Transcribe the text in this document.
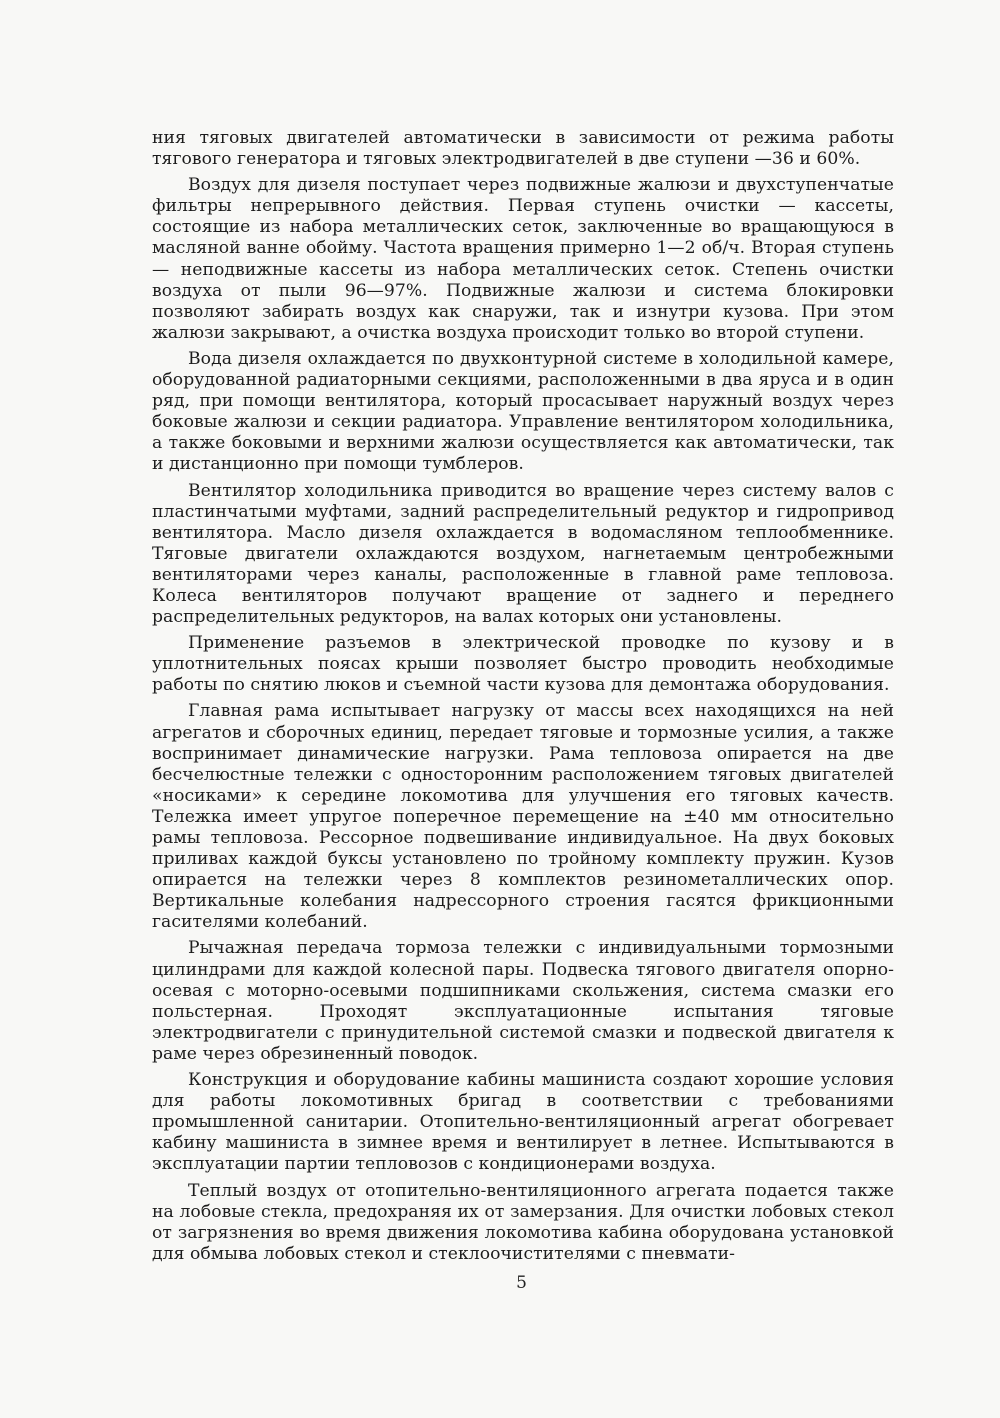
ния тяговых двигателей автоматически в зависимости от режима работы тягового генератора и тяговых электродвигателей в две ступени —36 и 60%.

Воздух для дизеля поступает через подвижные жалюзи и двухступенчатые фильтры непрерывного действия. Первая ступень очистки — кассеты, состоящие из набора металлических сеток, заключенные во вращающуюся в масляной ванне обойму. Частота вращения примерно 1—2 об/ч. Вторая ступень — неподвижные кассеты из набора металлических сеток. Степень очистки воздуха от пыли 96—97%. Подвижные жалюзи и система блокировки позволяют забирать воздух как снаружи, так и изнутри кузова. При этом жалюзи закрывают, а очистка воздуха происходит только во второй ступени.

Вода дизеля охлаждается по двухконтурной системе в холодильной камере, оборудованной радиаторными секциями, расположенными в два яруса и в один ряд, при помощи вентилятора, который просасывает наружный воздух через боковые жалюзи и секции радиатора. Управление вентилятором холодильника, а также боковыми и верхними жалюзи осуществляется как автоматически, так и дистанционно при помощи тумблеров.

Вентилятор холодильника приводится во вращение через систему валов с пластинчатыми муфтами, задний распределительный редуктор и гидропривод вентилятора. Масло дизеля охлаждается в водомасляном теплообменнике. Тяговые двигатели охлаждаются воздухом, нагнетаемым центробежными вентиляторами через каналы, расположенные в главной раме тепловоза. Колеса вентиляторов получают вращение от заднего и переднего распределительных редукторов, на валах которых они установлены.

Применение разъемов в электрической проводке по кузову и в уплотнительных поясах крыши позволяет быстро проводить необходимые работы по снятию люков и съемной части кузова для демонтажа оборудования.

Главная рама испытывает нагрузку от массы всех находящихся на ней агрегатов и сборочных единиц, передает тяговые и тормозные усилия, а также воспринимает динамические нагрузки. Рама тепловоза опирается на две бесчелюстные тележки с односторонним расположением тяговых двигателей «носиками» к середине локомотива для улучшения его тяговых качеств. Тележка имеет упругое поперечное перемещение на ±40 мм относительно рамы тепловоза. Рессорное подвешивание индивидуальное. На двух боковых приливах каждой буксы установлено по тройному комплекту пружин. Кузов опирается на тележки через 8 комплектов резинометаллических опор. Вертикальные колебания надрессорного строения гасятся фрикционными гасителями колебаний.

Рычажная передача тормоза тележки с индивидуальными тормозными цилиндрами для каждой колесной пары. Подвеска тягового двигателя опорно-осевая с моторно-осевыми подшипниками скольжения, система смазки его польстерная. Проходят эксплуатационные испытания тяговые электродвигатели с принудительной системой смазки и подвеской двигателя к раме через обрезиненный поводок.

Конструкция и оборудование кабины машиниста создают хорошие условия для работы локомотивных бригад в соответствии с требованиями промышленной санитарии. Отопительно-вентиляционный агрегат обогревает кабину машиниста в зимнее время и вентилирует в летнее. Испытываются в эксплуатации партии тепловозов с кондиционерами воздуха.

Теплый воздух от отопительно-вентиляционного агрегата подается также на лобовые стекла, предохраняя их от замерзания. Для очистки лобовых стекол от загрязнения во время движения локомотива кабина оборудована установкой для обмыва лобовых стекол и стеклоочистителями с пневмати-

5
